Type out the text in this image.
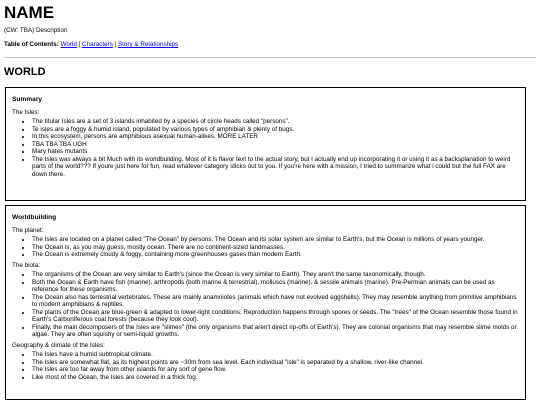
NAME
(CW: TBA) Description
Table of Contents: World | Characters | Story & Relationships
WORLD
Summary

The Isles:

• The titular Isles are a set of 3 islands inhabited by a species of circle heads called "persons".
• Te isles are a foggy & humid island, populated by various types of amphibian & plenty of bugs.
• In this ecosystem, persons are amphibious asexual human-alikes. MORE LATER
• TBA TBA TBA UGH
• Mary hates mutants
• The Isles was always a bit Much with its worldbuilding. Most of it is flavor text to the actual story, but I actually end up incorporating it or using it as a backsplanation to weird parts of the world??? If youre just here for fun, read whatever category sticks out to you. If you're here with a mission, I tried to summarize what i could but the full FAX are down there.
Worldbuilding

The planet:

• The Isles are located on a planet called "The Ocean" by persons. The Ocean and its solar system are similar to Earth's, but the Ocean is millions of years younger.
• The Ocean is, as you may guess, mostly ocean. There are no continent-sized landmasses.
• The Ocean is extremely cloudy & foggy, containing more greenhouses gases than modern Earth.

The biota:

• The organisms of the Ocean are very similar to Earth's (since the Ocean is very similar to Earth). They aren't the same taxonomically, though.
• Both the Ocean & Earth have fish (marine), arthropods (both marine & terrestrial), molluscs (marine), & sessile animals (marine). Pre-Permian animals can be used as reference for these organisms.
• The Ocean also has terrestrial vertebrates. These are mainly anamniotes (animals which have not evolved eggshells). They may resemble anything from primitive amphibians to modern amphibians & reptiles.
• The plants of the Ocean are blue-green & adapted to lower-light conditions. Reproduction happens through spores or seeds. The "trees" of the Ocean resemble those found in Earth's Carboniferous coal forests (because they look cool).
• Finally, the main decomposers of the Isles are "slimes" (the only organisms that aren't direct rip-offs of Earth's). They are colonial organisms that may resemble slime molds or algae. They are often squishy or semi-liquid growths.

Geography & climate of the Isles:

• The Isles have a humid subtropical climate.
• The Isles are somewhat flat, as its highest points are ~30m from sea level. Each individual "isle" is separated by a shallow, river-like channel.
• The Isles are too far away from other islands for any sort of gene flow.
• Like most of the Ocean, the Isles are covered in a thick fog.
